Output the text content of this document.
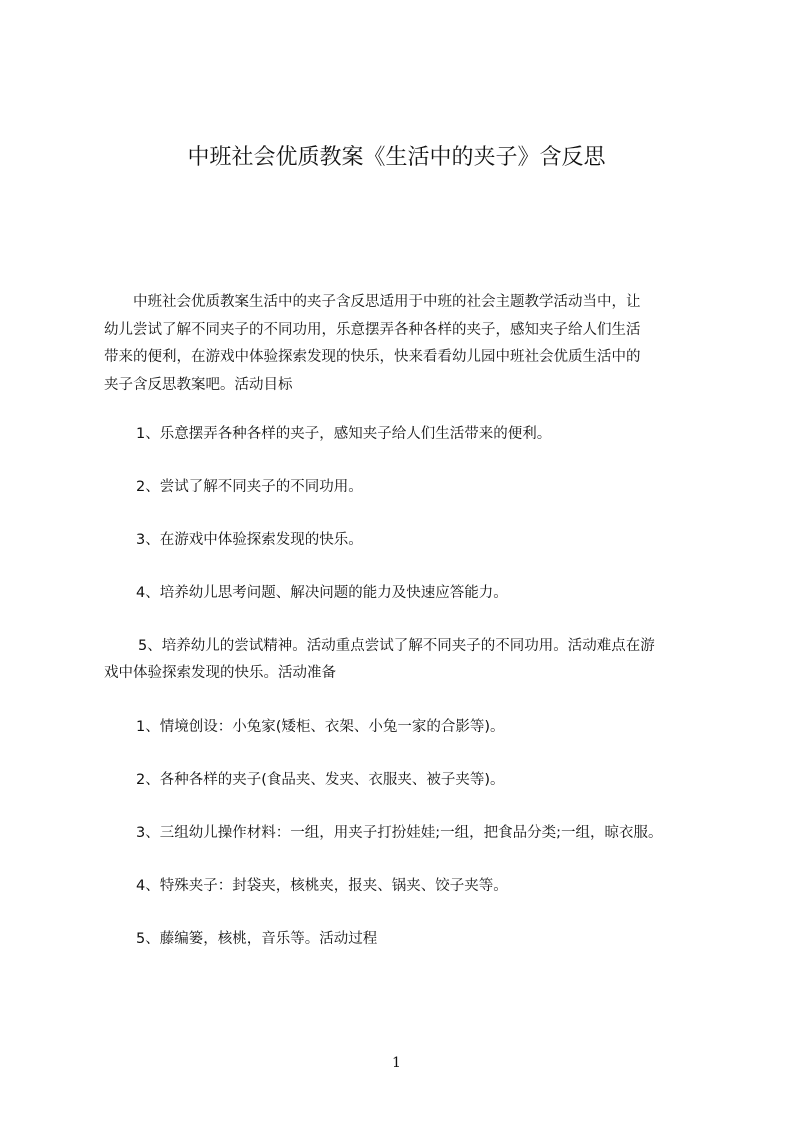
中班社会优质教案《生活中的夹子》含反思
　　中班社会优质教案生活中的夹子含反思适用于中班的社会主题教学活动当中，让
幼儿尝试了解不同夹子的不同功用，乐意摆弄各种各样的夹子，感知夹子给人们生活
带来的便利，在游戏中体验探索发现的快乐，快来看看幼儿园中班社会优质生活中的
夹子含反思教案吧。活动目标
1、乐意摆弄各种各样的夹子，感知夹子给人们生活带来的便利。
2、尝试了解不同夹子的不同功用。
3、在游戏中体验探索发现的快乐。
4、培养幼儿思考问题、解决问题的能力及快速应答能力。
5、培养幼儿的尝试精神。活动重点尝试了解不同夹子的不同功用。活动难点在游
戏中体验探索发现的快乐。活动准备
1、情境创设：小兔家(矮柜、衣架、小兔一家的合影等)。
2、各种各样的夹子(食品夹、发夹、衣服夹、被子夹等)。
3、三组幼儿操作材料：一组，用夹子打扮娃娃;一组，把食品分类;一组，晾衣服。
4、特殊夹子：封袋夹，核桃夹，报夹、锅夹、饺子夹等。
5、藤编篓，核桃，音乐等。活动过程
1
